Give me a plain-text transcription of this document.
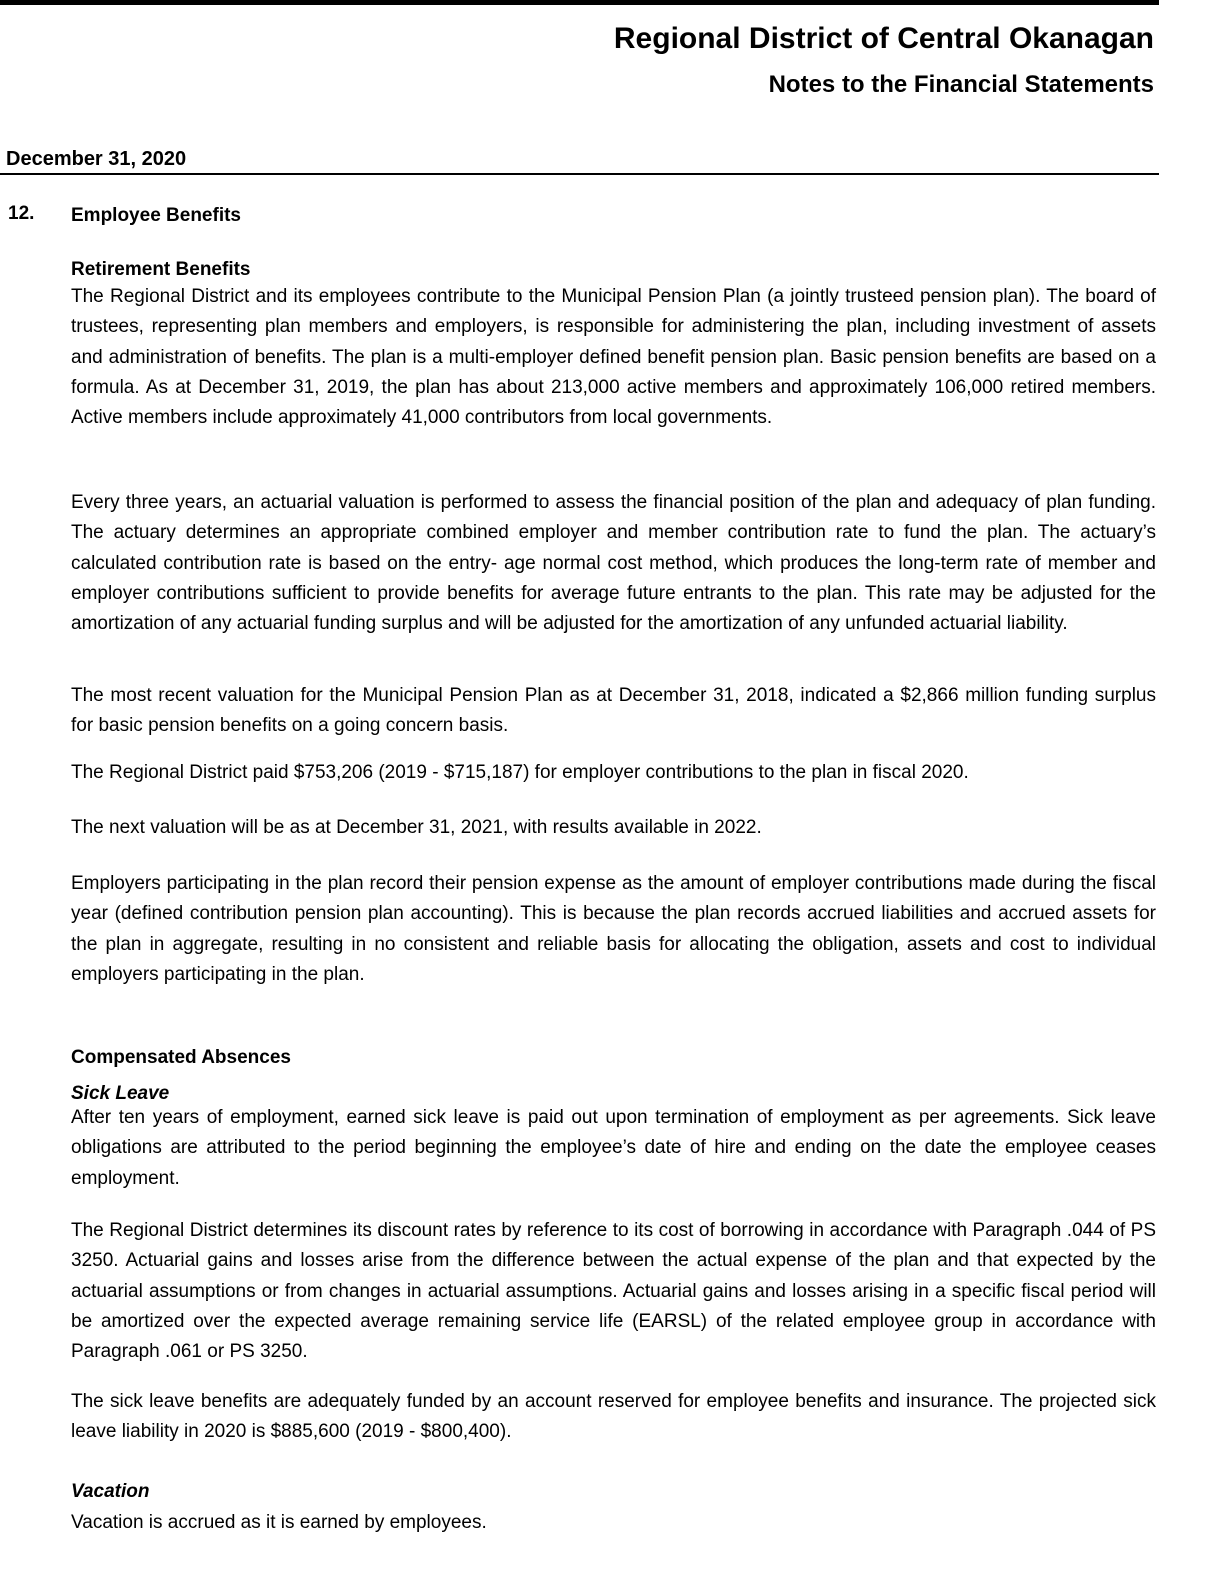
Regional District of Central Okanagan
Notes to the Financial Statements
December 31, 2020
12. Employee Benefits
Retirement Benefits

The Regional District and its employees contribute to the Municipal Pension Plan (a jointly trusteed pension plan). The board of trustees, representing plan members and employers, is responsible for administering the plan, including investment of assets and administration of benefits. The plan is a multi-employer defined benefit pension plan. Basic pension benefits are based on a formula. As at December 31, 2019, the plan has about 213,000 active members and approximately 106,000 retired members. Active members include approximately 41,000 contributors from local governments.

Every three years, an actuarial valuation is performed to assess the financial position of the plan and adequacy of plan funding. The actuary determines an appropriate combined employer and member contribution rate to fund the plan. The actuary’s calculated contribution rate is based on the entry- age normal cost method, which produces the long-term rate of member and employer contributions sufficient to provide benefits for average future entrants to the plan. This rate may be adjusted for the amortization of any actuarial funding surplus and will be adjusted for the amortization of any unfunded actuarial liability.

The most recent valuation for the Municipal Pension Plan as at December 31, 2018, indicated a $2,866 million funding surplus for basic pension benefits on a going concern basis.

The Regional District paid $753,206 (2019 - $715,187) for employer contributions to the plan in fiscal 2020.

The next valuation will be as at December 31, 2021, with results available in 2022.

Employers participating in the plan record their pension expense as the amount of employer contributions made during the fiscal year (defined contribution pension plan accounting). This is because the plan records accrued liabilities and accrued assets for the plan in aggregate, resulting in no consistent and reliable basis for allocating the obligation, assets and cost to individual employers participating in the plan.

Compensated Absences
Sick Leave

After ten years of employment, earned sick leave is paid out upon termination of employment as per agreements. Sick leave obligations are attributed to the period beginning the employee’s date of hire and ending on the date the employee ceases employment.

The Regional District determines its discount rates by reference to its cost of borrowing in accordance with Paragraph .044 of PS 3250. Actuarial gains and losses arise from the difference between the actual expense of the plan and that expected by the actuarial assumptions or from changes in actuarial assumptions. Actuarial gains and losses arising in a specific fiscal period will be amortized over the expected average remaining service life (EARSL) of the related employee group in accordance with Paragraph .061 or PS 3250.

The sick leave benefits are adequately funded by an account reserved for employee benefits and insurance. The projected sick leave liability in 2020 is $885,600 (2019 - $800,400).

Vacation

Vacation is accrued as it is earned by employees.
